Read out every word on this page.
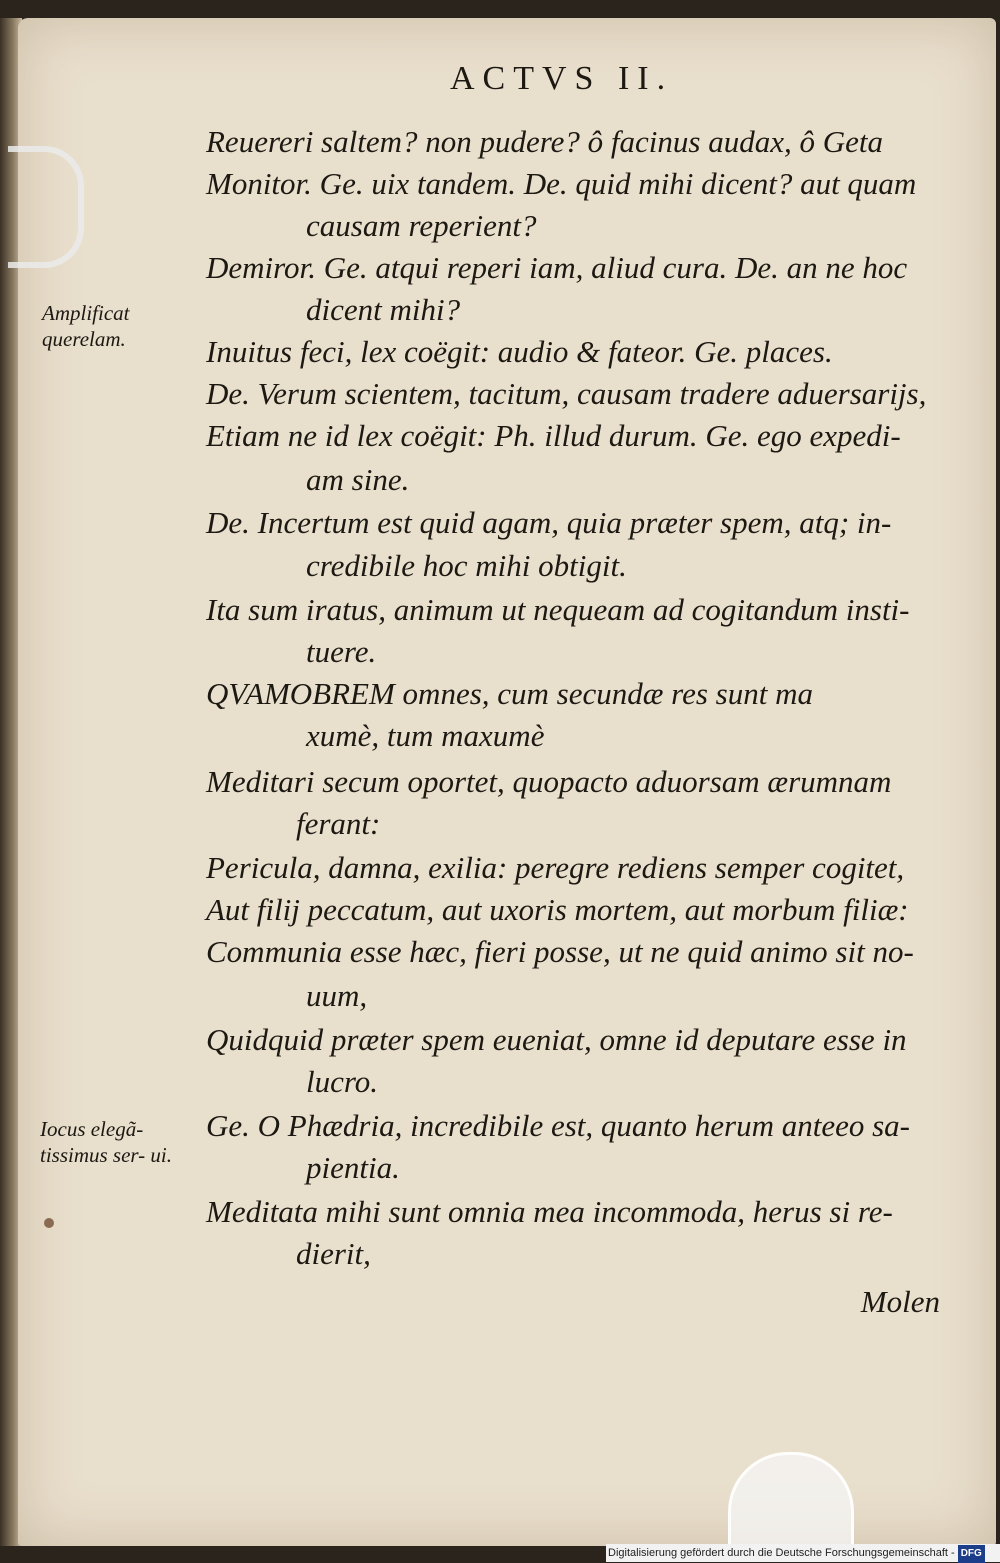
ACTVS II.
Reuereri saltem? non pudere? ô facinus audax, ô Geta
Monitor. Ge. uix tandem. De. quid mihi dicent? aut quam
causam reperient?
Demiror. Ge. atqui reperi iam, aliud cura. De. an ne hoc
dicent mihi?
Inuitus feci, lex coëgit: audio & fateor. Ge. places.
De. Verum scientem, tacitum, causam tradere aduersarijs,
Etiam ne id lex coëgit: Ph. illud durum. Ge. ego expedi-
am sine.
De. Incertum est quid agam, quia præter spem, atq; in-
credibile hoc mihi obtigit.
Ita sum iratus, animum ut nequeam ad cogitandum insti-
tuere.
QVAMOBREM omnes, cum secundæ res sunt ma
xumè, tum maxumè
Meditari secum oportet, quopacto aduorsam ærumnam
ferant:
Pericula, damna, exilia: peregre rediens semper cogitet,
Aut filij peccatum, aut uxoris mortem, aut morbum filiæ:
Communia esse hæc, fieri posse, ut ne quid animo sit no-
uum,
Quidquid præter spem eueniat, omne id deputare esse in
lucro.
Ge. O Phædria, incredibile est, quanto herum anteeo sa-
pientia.
Meditata mihi sunt omnia mea incommoda, herus si re-
dierit,
Amplificat querelam.
Iocus elegã- tissimus ser- ui.
Molen
Digitalisierung gefördert durch die Deutsche Forschungsgemeinschaft - DFG
